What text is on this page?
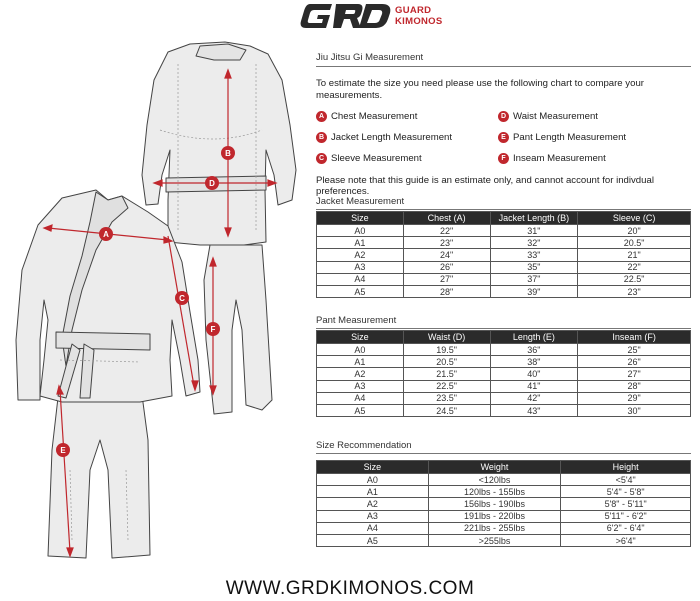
GUARD
KIMONOS
B
D
A
C
F
E
Jiu Jitsu Gi Measurement
To estimate the size you need please use the following chart to compare your measurements.
A Chest Measurement
B Jacket Length Measurement
C Sleeve Measurement
D Waist Measurement
E Pant Length Measurement
F Inseam Measurement
Please note that this guide is an estimate only, and cannot account for indivdual preferences.
Jacket Measurement
Size	Chest (A)	Jacket Length (B)	Sleeve (C)
A0	22"	31"	20"
A1	23"	32"	20.5"
A2	24"	33"	21"
A3	26"	35"	22"
A4	27"	37"	22.5"
A5	28"	39"	23"
Pant Measurement
Size	Waist (D)	Length (E)	Inseam (F)
A0	19.5"	36"	25"
A1	20.5"	38"	26"
A2	21.5"	40"	27"
A3	22.5"	41"	28"
A4	23.5"	42"	29"
A5	24.5"	43"	30"
Size Recommendation
Size	Weight	Height
A0	<120lbs	<5'4"
A1	120lbs - 155lbs	5'4" - 5'8"
A2	156lbs - 190lbs	5'8" - 5'11"
A3	191lbs - 220lbs	5'11" - 6'2"
A4	221lbs - 255lbs	6'2" - 6'4"
A5	>255lbs	>6'4"
WWW.GRDKIMONOS.COM
